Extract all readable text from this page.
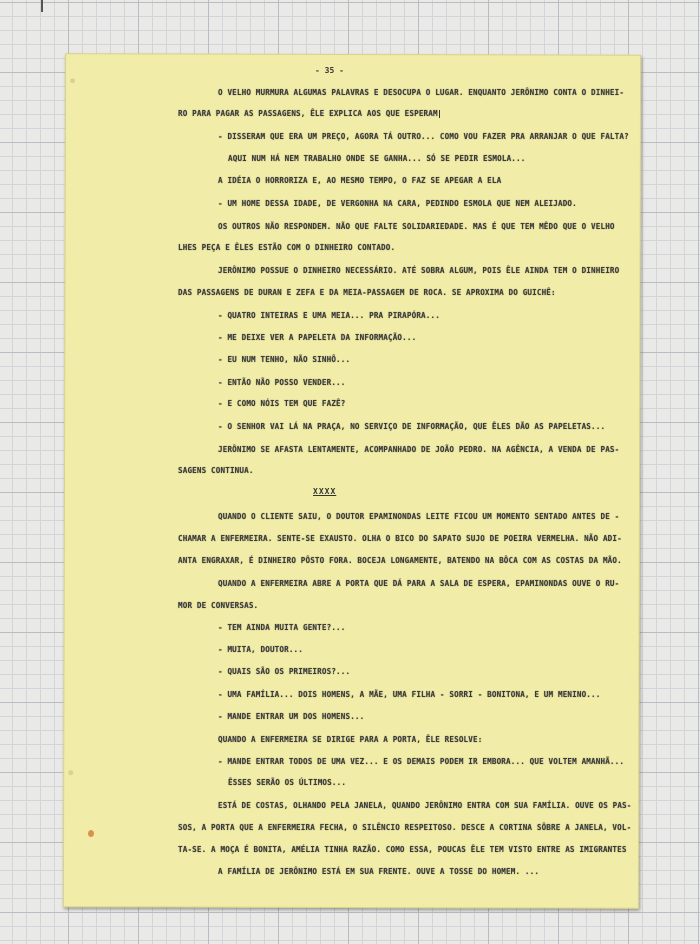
- 35 -
O VELHO MURMURA ALGUMAS PALAVRAS E DESOCUPA O LUGAR. ENQUANTO JERÔNIMO CONTA O DINHEI-
RO PARA PAGAR AS PASSAGENS, ÊLE EXPLICA AOS QUE ESPERAM
- DISSERAM QUE ERA UM PREÇO, AGORA TÁ OUTRO... COMO VOU FAZER PRA ARRANJAR O QUE FALTA?
AQUI NUM HÁ NEM TRABALHO ONDE SE GANHA... SÓ SE PEDIR ESMOLA...
A IDÉIA O HORRORIZA E, AO MESMO TEMPO, O FAZ SE APEGAR A ELA
- UM HOME DESSA IDADE, DE VERGONHA NA CARA, PEDINDO ESMOLA QUE NEM ALEIJADO.
OS OUTROS NÃO RESPONDEM. NÃO QUE FALTE SOLIDARIEDADE. MAS É QUE TEM MÊDO QUE O VELHO
LHES PEÇA E ÊLES ESTÃO COM O DINHEIRO CONTADO.
JERÔNIMO POSSUE O DINHEIRO NECESSÁRIO. ATÉ SOBRA ALGUM, POIS ÊLE AINDA TEM O DINHEIRO
DAS PASSAGENS DE DURAN E ZEFA E DA MEIA-PASSAGEM DE ROCA. SE APROXIMA DO GUICHÊ:
- QUATRO INTEIRAS E UMA MEIA... PRA PIRAPÓRA...
- ME DEIXE VER A PAPELETA DA INFORMAÇÃO...
- EU NUM TENHO, NÃO SINHÔ...
- ENTÃO NÃO POSSO VENDER...
- E COMO NÓIS TEM QUE FAZÊ?
- O SENHOR VAI LÁ NA PRAÇA, NO SERVIÇO DE INFORMAÇÃO, QUE ÊLES DÃO AS PAPELETAS...
JERÔNIMO SE AFASTA LENTAMENTE, ACOMPANHADO DE JOÃO PEDRO. NA AGÊNCIA, A VENDA DE PAS-
SAGENS CONTINUA.
XXXX
QUANDO O CLIENTE SAIU, O DOUTOR EPAMINONDAS LEITE FICOU UM MOMENTO SENTADO ANTES DE -
CHAMAR A ENFERMEIRA. SENTE-SE EXAUSTO. OLHA O BICO DO SAPATO SUJO DE POEIRA VERMELHA. NÃO ADI-
ANTA ENGRAXAR, É DINHEIRO PÔSTO FORA. BOCEJA LONGAMENTE, BATENDO NA BÔCA COM AS COSTAS DA MÃO.
QUANDO A ENFERMEIRA ABRE A PORTA QUE DÁ PARA A SALA DE ESPERA, EPAMINONDAS OUVE O RU-
MOR DE CONVERSAS.
- TEM AINDA MUITA GENTE?...
- MUITA, DOUTOR...
- QUAIS SÃO OS PRIMEIROS?...
- UMA FAMÍLIA... DOIS HOMENS, A MÃE, UMA FILHA - SORRI - BONITONA, E UM MENINO...
- MANDE ENTRAR UM DOS HOMENS...
QUANDO A ENFERMEIRA SE DIRIGE PARA A PORTA, ÊLE RESOLVE:
- MANDE ENTRAR TODOS DE UMA VEZ... E OS DEMAIS PODEM IR EMBORA... QUE VOLTEM AMANHÃ...
ÊSSES SERÃO OS ÚLTIMOS...
ESTÁ DE COSTAS, OLHANDO PELA JANELA, QUANDO JERÔNIMO ENTRA COM SUA FAMÍLIA. OUVE OS PAS-
SOS, A PORTA QUE A ENFERMEIRA FECHA, O SILÊNCIO RESPEITOSO. DESCE A CORTINA SÔBRE A JANELA, VOL-
TA-SE. A MOÇA É BONITA, AMÉLIA TINHA RAZÃO. COMO ESSA, POUCAS ÊLE TEM VISTO ENTRE AS IMIGRANTES
A FAMÍLIA DE JERÔNIMO ESTÁ EM SUA FRENTE. OUVE A TOSSE DO HOMEM. ...
